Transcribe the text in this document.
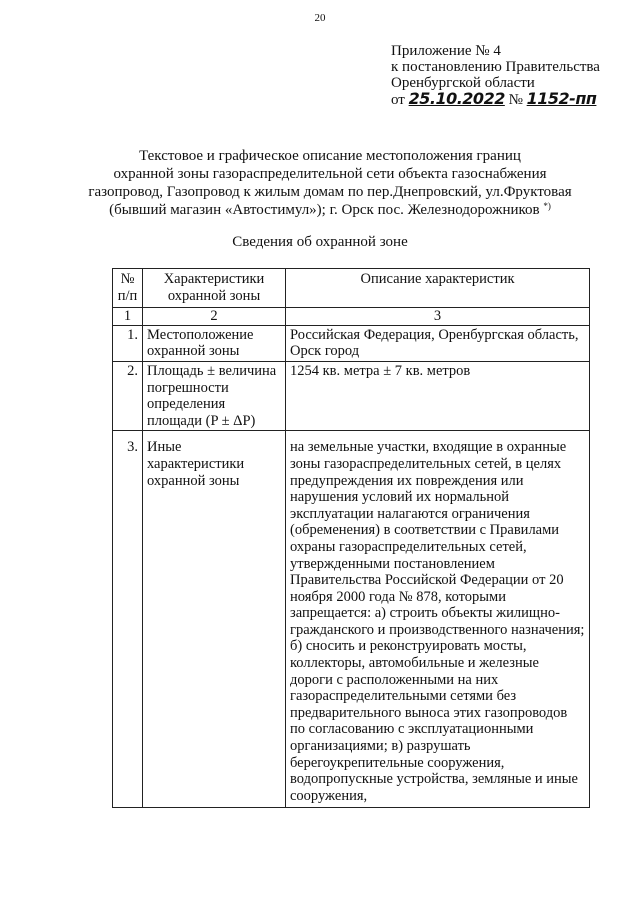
20
Приложение № 4
к постановлению Правительства
Оренбургской области
от 25.10.2022 № 1152-пп
Текстовое и графическое описание местоположения границ
охранной зоны газораспределительной сети объекта газоснабжения
газопровод, Газопровод к жилым домам по пер.Днепровский, ул.Фруктовая
(бывший магазин «Автостимул»); г. Орск пос. Железнодорожников *)
Сведения об охранной зоне
№ п/п	Характеристики охранной зоны	Описание характеристик
1	2	3
1.	Местоположение охранной зоны	Российская Федерация, Оренбургская область, Орск город
2.	Площадь ± величина погрешности определения площади (P ± ΔP)	1254 кв. метра ± 7 кв. метров
3.	Иные характеристики охранной зоны	на земельные участки, входящие в охранные зоны газораспределительных сетей, в целях предупреждения их повреждения или нарушения условий их нормальной эксплуатации налагаются ограничения (обременения) в соответствии с Правилами охраны газораспределительных сетей, утвержденными постановлением Правительства Российской Федерации от 20 ноября 2000 года № 878, которыми запрещается: а) строить объекты жилищно-гражданского и производственного назначения; б) сносить и реконструировать мосты, коллекторы, автомобильные и железные дороги с расположенными на них газораспределительными сетями без предварительного выноса этих газопроводов по согласованию с эксплуатационными организациями; в) разрушать берегоукрепительные сооружения, водопропускные устройства, земляные и иные сооружения,
